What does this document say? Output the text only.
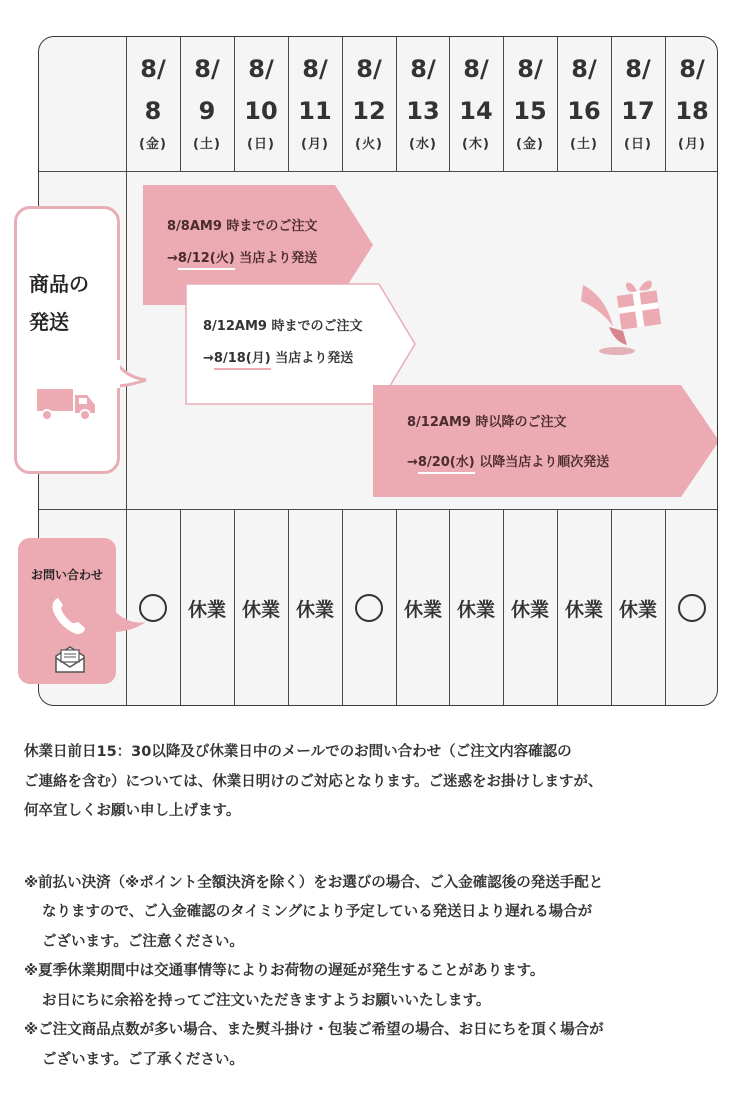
8/
8
(金)
8/
9
(土)
8/
10
(日)
8/
11
(月)
8/
12
(火)
8/
13
(水)
8/
14
(木)
8/
15
(金)
8/
16
(土)
8/
17
(日)
8/
18
(月)
休業 休業 休業	休業 休業 休業 休業 休業
8/8AM9 時までのご注文
→8/12(火) 当店より発送
8/12AM9 時までのご注文
→8/18(月) 当店より発送
8/12AM9 時以降のご注文
→8/20(水) 以降当店より順次発送
商品の
発送
お問い合わせ

休業日前日15：30以降及び休業日中のメールでのお問い合わせ（ご注文内容確認の

ご連絡を含む）については、休業日明けのご対応となります。ご迷惑をお掛けしますが、

何卒宜しくお願い申し上げます。

※前払い決済（※ポイント全額決済を除く）をお選びの場合、ご入金確認後の発送手配と

なりますので、ご入金確認のタイミングにより予定している発送日より遅れる場合が

ございます。ご注意ください。

※夏季休業期間中は交通事情等によりお荷物の遅延が発生することがあります。

お日にちに余裕を持ってご注文いただきますようお願いいたします。

※ご注文商品点数が多い場合、また熨斗掛け・包装ご希望の場合、お日にちを頂く場合が

ございます。ご了承ください。
